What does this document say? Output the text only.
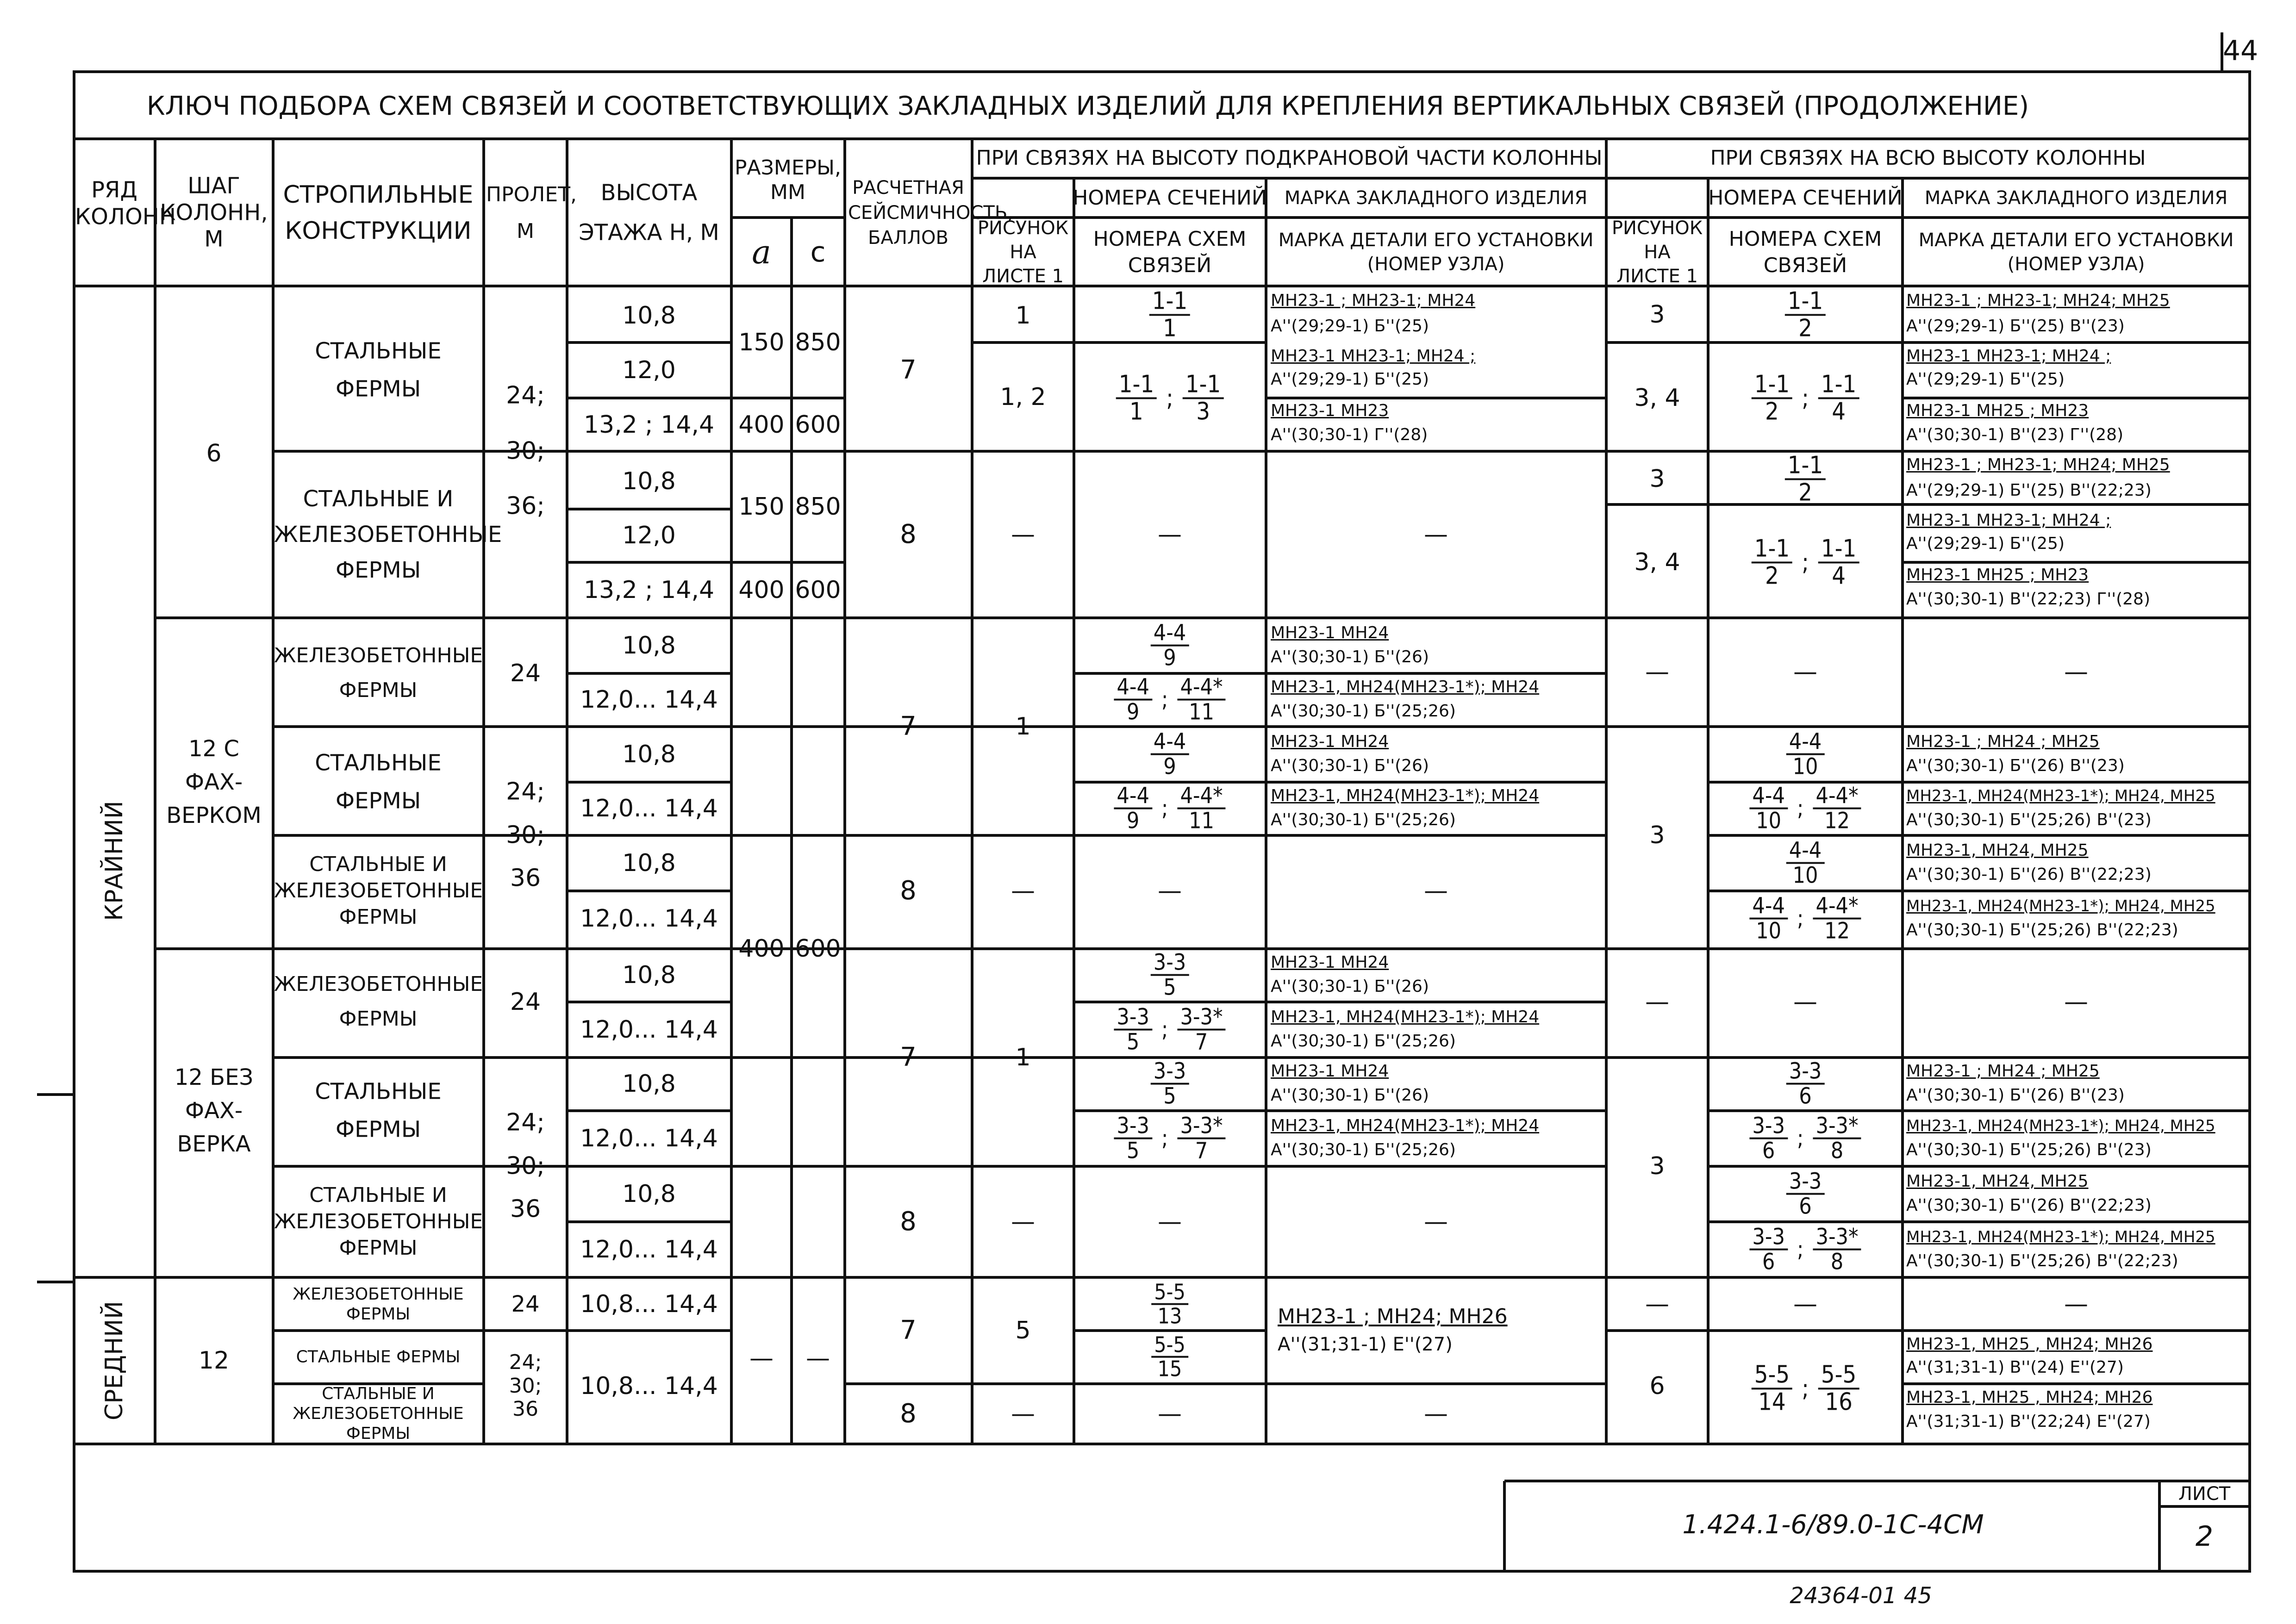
44
КЛЮЧ ПОДБОРА СХЕМ СВЯЗЕЙ И СООТВЕТСТВУЮЩИХ ЗАКЛАДНЫХ ИЗДЕЛИЙ ДЛЯ КРЕПЛЕНИЯ ВЕРТИКАЛЬНЫХ СВЯЗЕЙ (ПРОДОЛЖЕНИЕ)
РЯД КОЛОНН
ШАГ КОЛОНН, М
СТРОПИЛЬНЫЕ КОНСТРУКЦИИ
ПРОЛЕТ, М
ВЫСОТА ЭТАЖА Н, М
РАЗМЕРЫ, ММ
a c
РАСЧЕТНАЯ СЕЙСМИЧНОСТЬ, БАЛЛОВ
ПРИ СВЯЗЯХ НА ВЫСОТУ ПОДКРАНОВОЙ ЧАСТИ КОЛОННЫ	ПРИ СВЯЗЯХ НА ВСЮ ВЫСОТУ КОЛОННЫ
РИСУНОК НА ЛИСТЕ 1
НОМЕРА СЕЧЕНИЙ
НОМЕРА СХЕМ СВЯЗЕЙ
МАРКА ЗАКЛАДНОГО ИЗДЕЛИЯ
МАРКА ДЕТАЛИ ЕГО УСТАНОВКИ (НОМЕР УЗЛА)
РИСУНОК НА ЛИСТЕ 1
НОМЕРА СЕЧЕНИЙ
НОМЕРА СХЕМ СВЯЗЕЙ
МАРКА ЗАКЛАДНОГО ИЗДЕЛИЯ
МАРКА ДЕТАЛИ ЕГО УСТАНОВКИ (НОМЕР УЗЛА)
КРАЙНИЙ
СРЕДНИЙ
6
12 С ФАХ- ВЕРКОМ
12 БЕЗ ФАХ- ВЕРКА
12
СТАЛЬНЫЕ ФЕРМЫ
СТАЛЬНЫЕ И ЖЕЛЕЗОБЕТОННЫЕ ФЕРМЫ
ЖЕЛЕЗОБЕТОННЫЕ ФЕРМЫ
СТАЛЬНЫЕ ФЕРМЫ
СТАЛЬНЫЕ И ЖЕЛЕЗОБЕТОННЫЕ ФЕРМЫ
ЖЕЛЕЗОБЕТОННЫЕ ФЕРМЫ
СТАЛЬНЫЕ ФЕРМЫ
СТАЛЬНЫЕ И ЖЕЛЕЗОБЕТОННЫЕ ФЕРМЫ
ЖЕЛЕЗОБЕТОННЫЕ ФЕРМЫ
СТАЛЬНЫЕ ФЕРМЫ
СТАЛЬНЫЕ И ЖЕЛЕЗОБЕТОННЫЕ ФЕРМЫ
24; 30; 36;
24
24; 30; 36
24
24; 30; 36
24
24; 30; 36
10,8
12,0
13,2 ; 14,4
10,8
12,0
13,2 ; 14,4
10,8
12,0... 14,4
10,8
12,0... 14,4
10,8
12,0... 14,4
10,8
12,0... 14,4
10,8
12,0... 14,4
10,8
12,0... 14,4
10,8... 14,4
10,8... 14,4
150 850
400 600
150 850
400 600
400 600
— —
7
8
7
8
7
8
7
8
1
1, 2
—
1
—
1
—
5
—
$\frac{1-1}{1}$
$\frac{1-1}{1}$ ; $\frac{1-1}{3}$
—
$\frac{4-4}{9}$
$\frac{4-4}{9}$ ; $\frac{4-4*}{11}$
$\frac{4-4}{9}$
$\frac{4-4}{9}$ ; $\frac{4-4*}{11}$
—
$\frac{3-3}{5}$
$\frac{3-3}{5}$ ; $\frac{3-3*}{7}$
$\frac{3-3}{5}$
$\frac{3-3}{5}$ ; $\frac{3-3*}{7}$
—
$\frac{5-5}{13}$
$\frac{5-5}{15}$
—
МН23-1 ; МН23-1; МН24
А''(29;29-1) Б''(25)
МН23-1 МН23-1; МН24 ;
А''(29;29-1) Б''(25)
МН23-1 МН23
А''(30;30-1) Г''(28)
—
МН23-1 МН24
А''(30;30-1) Б''(26)
МН23-1, МН24(МН23-1*); МН24
А''(30;30-1) Б''(25;26)
МН23-1 МН24
А''(30;30-1) Б''(26)
МН23-1, МН24(МН23-1*); МН24
А''(30;30-1) Б''(25;26)
—
МН23-1 МН24
А''(30;30-1) Б''(26)
МН23-1, МН24(МН23-1*); МН24
А''(30;30-1) Б''(25;26)
МН23-1 МН24
А''(30;30-1) Б''(26)
МН23-1, МН24(МН23-1*); МН24
А''(30;30-1) Б''(25;26)
—
МН23-1 ; МН24; МН26
А''(31;31-1) Е''(27)
—
3
3, 4
3
3, 4
—
3
—
3
—
6
$\frac{1-1}{2}$
$\frac{1-1}{2}$ ; $\frac{1-1}{4}$
$\frac{1-1}{2}$
$\frac{1-1}{2}$ ; $\frac{1-1}{4}$
—
$\frac{4-4}{10}$
$\frac{4-4}{10}$ ; $\frac{4-4*}{12}$
$\frac{4-4}{10}$
$\frac{4-4}{10}$ ; $\frac{4-4*}{12}$
—
$\frac{3-3}{6}$
$\frac{3-3}{6}$ ; $\frac{3-3*}{8}$
$\frac{3-3}{6}$
$\frac{3-3}{6}$ ; $\frac{3-3*}{8}$
—
$\frac{5-5}{14}$ ; $\frac{5-5}{16}$
МН23-1 ; МН23-1; МН24; МН25
А''(29;29-1) Б''(25) В''(23)
МН23-1 МН23-1; МН24 ;
А''(29;29-1) Б''(25)
МН23-1 МН25 ; МН23
А''(30;30-1) В''(23) Г''(28)
МН23-1 ; МН23-1; МН24; МН25
А''(29;29-1) Б''(25) В''(22;23)
МН23-1 МН23-1; МН24 ;
А''(29;29-1) Б''(25)
МН23-1 МН25 ; МН23
А''(30;30-1) В''(22;23) Г''(28)
—
МН23-1 ; МН24 ; МН25
А''(30;30-1) Б''(26) В''(23)
МН23-1, МН24(МН23-1*); МН24, МН25
А''(30;30-1) Б''(25;26) В''(23)
МН23-1, МН24, МН25
А''(30;30-1) Б''(26) В''(22;23)
МН23-1, МН24(МН23-1*); МН24, МН25
А''(30;30-1) Б''(25;26) В''(22;23)
—
МН23-1 ; МН24 ; МН25
А''(30;30-1) Б''(26) В''(23)
МН23-1, МН24(МН23-1*); МН24, МН25
А''(30;30-1) Б''(25;26) В''(23)
МН23-1, МН24, МН25
А''(30;30-1) Б''(26) В''(22;23)
МН23-1, МН24(МН23-1*); МН24, МН25
А''(30;30-1) Б''(25;26) В''(22;23)
—
МН23-1, МН25 , МН24; МН26
А''(31;31-1) В''(24) Е''(27)
МН23-1, МН25 , МН24; МН26
А''(31;31-1) В''(22;24) Е''(27)
1.424.1-6/89.0-1С-4СМ
ЛИСТ
2
24364-01 45
